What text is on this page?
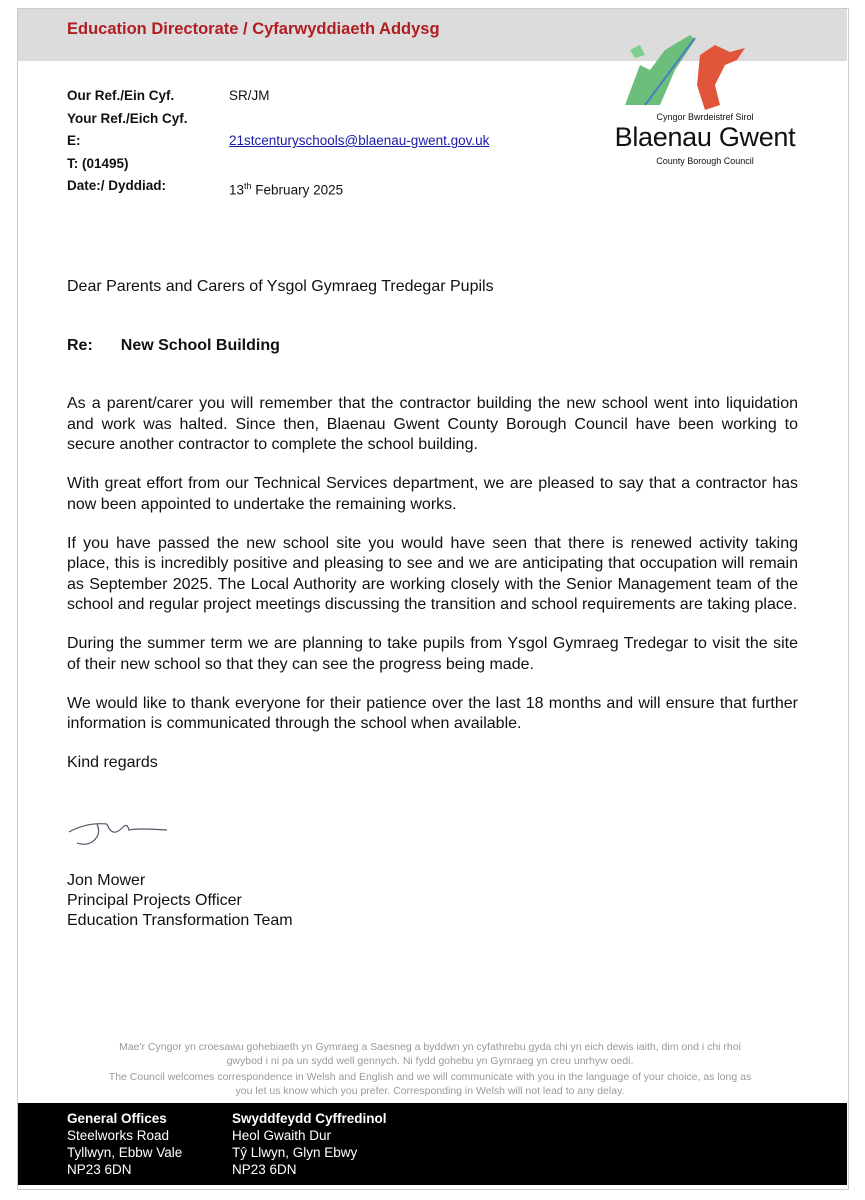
Education Directorate / Cyfarwyddiaeth Addysg
Cyngor Bwrdeistref Sirol
Blaenau Gwent
County Borough Council
Our Ref./Ein Cyf.	SR/JM
Your Ref./Eich Cyf.
E:	21stcenturyschools@blaenau-gwent.gov.uk
T: (01495)
Date:/ Dyddiad:	13th February 2025
Dear Parents and Carers of Ysgol Gymraeg Tredegar Pupils
Re: New School Building

As a parent/carer you will remember that the contractor building the new school went into liquidation and work was halted. Since then, Blaenau Gwent County Borough Council have been working to secure another contractor to complete the school building.

With great effort from our Technical Services department, we are pleased to say that a contractor has now been appointed to undertake the remaining works.

If you have passed the new school site you would have seen that there is renewed activity taking place, this is incredibly positive and pleasing to see and we are anticipating that occupation will remain as September 2025. The Local Authority are working closely with the Senior Management team of the school and regular project meetings discussing the transition and school requirements are taking place.

During the summer term we are planning to take pupils from Ysgol Gymraeg Tredegar to visit the site of their new school so that they can see the progress being made.

We would like to thank everyone for their patience over the last 18 months and will ensure that further information is communicated through the school when available.

Kind regards

Jon Mower
Principal Projects Officer
Education Transformation Team

Mae'r Cyngor yn croesawu gohebiaeth yn Gymraeg a Saesneg a byddwn yn cyfathrebu gyda chi yn eich dewis iaith, dim ond i chi rhoi gwybod i ni pa un sydd well gennych. Ni fydd gohebu yn Gymraeg yn creu unrhyw oedi.

The Council welcomes correspondence in Welsh and English and we will communicate with you in the language of your choice, as long as you let us know which you prefer. Corresponding in Welsh will not lead to any delay.

General Offices
Steelworks Road
Tyllwyn, Ebbw Vale
NP23 6DN
Swyddfeydd Cyffredinol
Heol Gwaith Dur
Tŷ Llwyn, Glyn Ebwy
NP23 6DN
